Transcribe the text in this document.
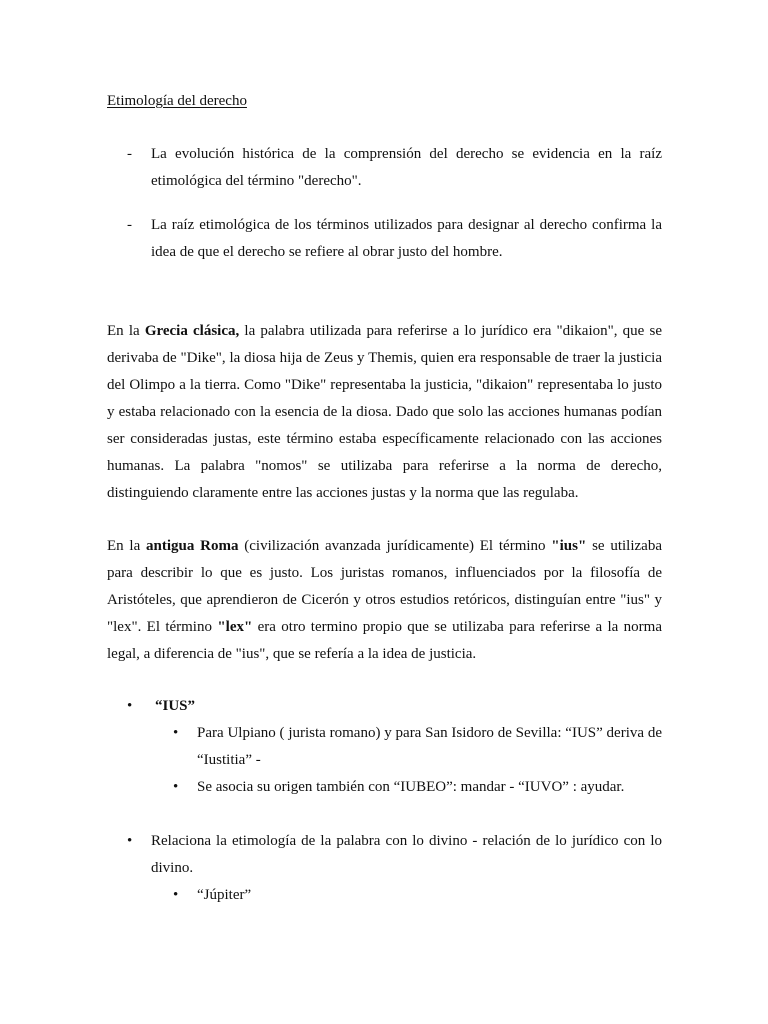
Etimología del derecho
- La evolución histórica de la comprensión del derecho se evidencia en la raíz etimológica del término "derecho".
- La raíz etimológica de los términos utilizados para designar al derecho confirma la idea de que el derecho se refiere al obrar justo del hombre.

En la Grecia clásica, la palabra utilizada para referirse a lo jurídico era "dikaion", que se derivaba de "Dike", la diosa hija de Zeus y Themis, quien era responsable de traer la justicia del Olimpo a la tierra. Como "Dike" representaba la justicia, "dikaion" representaba lo justo y estaba relacionado con la esencia de la diosa. Dado que solo las acciones humanas podían ser consideradas justas, este término estaba específicamente relacionado con las acciones humanas. La palabra "nomos" se utilizaba para referirse a la norma de derecho, distinguiendo claramente entre las acciones justas y la norma que las regulaba.

En la antigua Roma (civilización avanzada jurídicamente) El término "ius" se utilizaba para describir lo que es justo. Los juristas romanos, influenciados por la filosofía de Aristóteles, que aprendieron de Cicerón y otros estudios retóricos, distinguían entre "ius" y "lex". El término "lex" era otro termino propio que se utilizaba para referirse a la norma legal, a diferencia de "ius", que se refería a la idea de justicia.

• “IUS”
• Para Ulpiano ( jurista romano) y para San Isidoro de Sevilla: “IUS” deriva de “Iustitia” -
• Se asocia su origen también con “IUBEO”: mandar - “IUVO” : ayudar.
• Relaciona la etimología de la palabra con lo divino - relación de lo jurídico con lo divino.
• “Júpiter”
